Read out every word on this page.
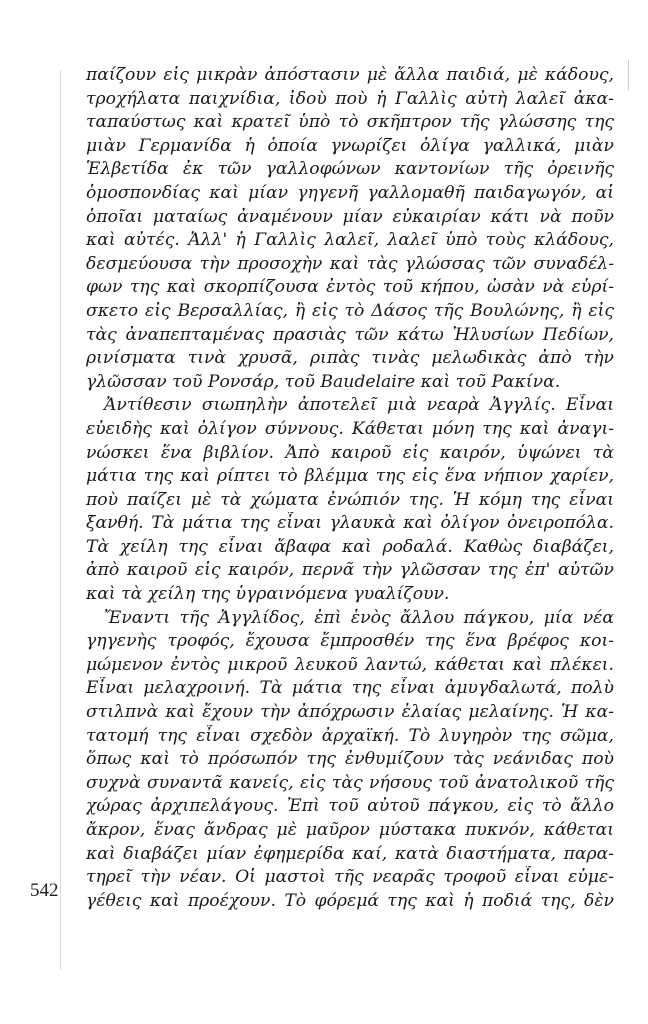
542
παίζουν εἰς μικρὰν ἀπόστασιν μὲ ἄλλα παιδιά, μὲ κάδους,
τροχήλατα παιχνίδια, ἰδοὺ ποὺ ἡ Γαλλὶς αὐτὴ λαλεῖ ἀκα-
ταπαύστως καὶ κρατεῖ ὑπὸ τὸ σκῆπτρον τῆς γλώσσης της
μιὰν Γερμανίδα ἡ ὁποία γνωρίζει ὀλίγα γαλλικά, μιὰν
Ἑλβετίδα ἐκ τῶν γαλλοφώνων καντονίων τῆς ὀρεινῆς
ὁμοσπονδίας καὶ μίαν γηγενῆ γαλλομαθῆ παιδαγωγόν, αἱ
ὁποῖαι ματαίως ἀναμένουν μίαν εὐκαιρίαν κάτι νὰ ποῦν
καὶ αὐτές. Ἀλλ' ἡ Γαλλὶς λαλεῖ, λαλεῖ ὑπὸ τοὺς κλάδους,
δεσμεύουσα τὴν προσοχὴν καὶ τὰς γλώσσας τῶν συναδέλ-
φων της καὶ σκορπίζουσα ἐντὸς τοῦ κήπου, ὡσὰν νὰ εὑρί-
σκετο εἰς Βερσαλλίας, ἢ εἰς τὸ Δάσος τῆς Βουλώνης, ἢ εἰς
τὰς ἀναπεπταμένας πρασιὰς τῶν κάτω Ἠλυσίων Πεδίων,
ρινίσματα τινὰ χρυσᾶ, ριπὰς τινὰς μελωδικὰς ἀπὸ τὴν
γλῶσσαν τοῦ Ρονσάρ, τοῦ Baudelaire καὶ τοῦ Ρακίνα.
Ἀντίθεσιν σιωπηλὴν ἀποτελεῖ μιὰ νεαρὰ Ἀγγλίς. Εἶναι
εὐειδὴς καὶ ὀλίγον σύννους. Κάθεται μόνη της καὶ ἀναγι-
νώσκει ἕνα βιβλίον. Ἀπὸ καιροῦ εἰς καιρόν, ὑψώνει τὰ
μάτια της καὶ ρίπτει τὸ βλέμμα της εἰς ἕνα νήπιον χαρίεν,
ποὺ παίζει μὲ τὰ χώματα ἐνώπιόν της. Ἡ κόμη της εἶναι
ξανθή. Τὰ μάτια της εἶναι γλαυκὰ καὶ ὀλίγον ὀνειροπόλα.
Τὰ χείλη της εἶναι ἄβαφα καὶ ροδαλά. Καθὼς διαβάζει,
ἀπὸ καιροῦ εἰς καιρόν, περνᾶ τὴν γλῶσσαν της ἐπ' αὐτῶν
καὶ τὰ χείλη της ὑγραινόμενα γυαλίζουν.
Ἔναντι τῆς Ἀγγλίδος, ἐπὶ ἑνὸς ἄλλου πάγκου, μία νέα
γηγενὴς τροφός, ἔχουσα ἔμπροσθέν της ἕνα βρέφος κοι-
μώμενον ἐντὸς μικροῦ λευκοῦ λαντώ, κάθεται καὶ πλέκει.
Εἶναι μελαχροινή. Τὰ μάτια της εἶναι ἀμυγδαλωτά, πολὺ
στιλπνὰ καὶ ἔχουν τὴν ἀπόχρωσιν ἐλαίας μελαίνης. Ἡ κα-
τατομή της εἶναι σχεδὸν ἀρχαϊκή. Τὸ λυγηρὸν της σῶμα,
ὅπως καὶ τὸ πρόσωπόν της ἐνθυμίζουν τὰς νεάνιδας ποὺ
συχνὰ συναντᾶ κανείς, εἰς τὰς νήσους τοῦ ἀνατολικοῦ τῆς
χώρας ἀρχιπελάγους. Ἐπὶ τοῦ αὐτοῦ πάγκου, εἰς τὸ ἄλλο
ἄκρον, ἕνας ἄνδρας μὲ μαῦρον μύστακα πυκνόν, κάθεται
καὶ διαβάζει μίαν ἐφημερίδα καί, κατὰ διαστήματα, παρα-
τηρεῖ τὴν νέαν. Οἱ μαστοὶ τῆς νεαρᾶς τροφοῦ εἶναι εὐμε-
γέθεις καὶ προέχουν. Τὸ φόρεμά της καὶ ἡ ποδιά της, δὲν
